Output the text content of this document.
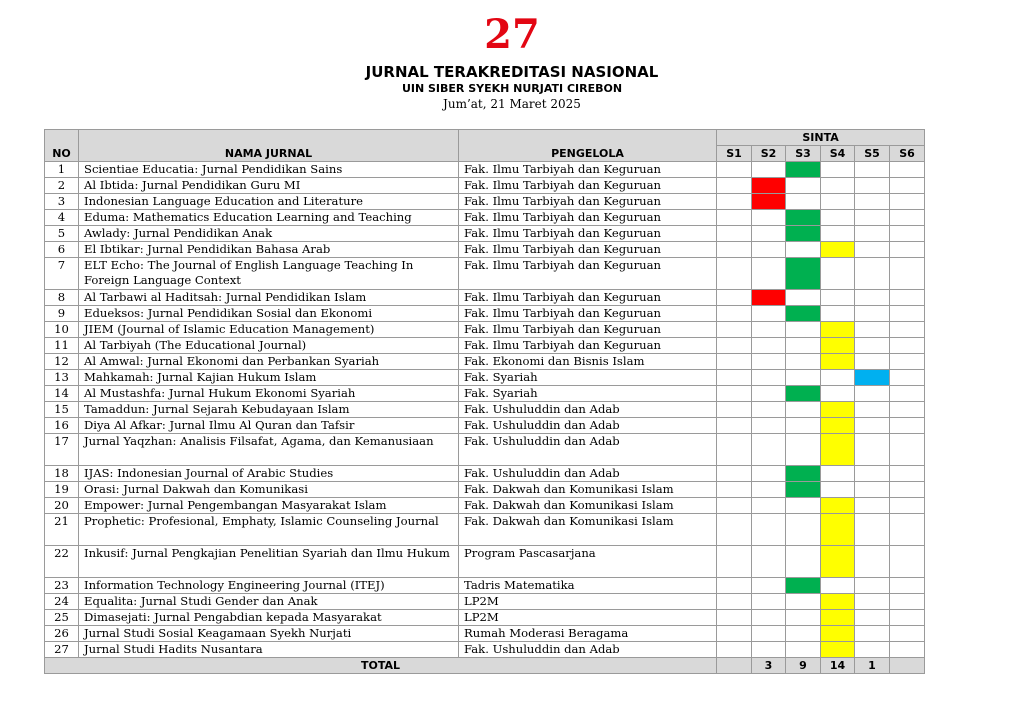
27
JURNAL TERAKREDITASI NASIONAL
UIN SIBER SYEKH NURJATI CIREBON
Jum’at, 21 Maret 2025
NO	NAMA JURNAL	PENGELOLA	SINTA					
			S1	S2	S3	S4	S5	S6
1	Scientiae Educatia: Jurnal Pendidikan Sains	Fak. Ilmu Tarbiyah dan Keguruan						
2	Al Ibtida: Jurnal Pendidikan Guru MI	Fak. Ilmu Tarbiyah dan Keguruan						
3	Indonesian Language Education and Literature	Fak. Ilmu Tarbiyah dan Keguruan						
4	Eduma: Mathematics Education Learning and Teaching	Fak. Ilmu Tarbiyah dan Keguruan						
5	Awlady: Jurnal Pendidikan Anak	Fak. Ilmu Tarbiyah dan Keguruan						
6	El Ibtikar: Jurnal Pendidikan Bahasa Arab	Fak. Ilmu Tarbiyah dan Keguruan						
7	ELT Echo: The Journal of English Language Teaching In Foreign Language Context	Fak. Ilmu Tarbiyah dan Keguruan						
8	Al Tarbawi al Haditsah: Jurnal Pendidikan Islam	Fak. Ilmu Tarbiyah dan Keguruan						
9	Edueksos: Jurnal Pendidikan Sosial dan Ekonomi	Fak. Ilmu Tarbiyah dan Keguruan						
10	JIEM (Journal of Islamic Education Management)	Fak. Ilmu Tarbiyah dan Keguruan						
11	Al Tarbiyah (The Educational Journal)	Fak. Ilmu Tarbiyah dan Keguruan						
12	Al Amwal: Jurnal Ekonomi dan Perbankan Syariah	Fak. Ekonomi dan Bisnis Islam						
13	Mahkamah: Jurnal Kajian Hukum Islam	Fak. Syariah						
14	Al Mustashfa: Jurnal Hukum Ekonomi Syariah	Fak. Syariah						
15	Tamaddun: Jurnal Sejarah Kebudayaan Islam	Fak. Ushuluddin dan Adab						
16	Diya Al Afkar: Jurnal Ilmu Al Quran dan Tafsir	Fak. Ushuluddin dan Adab						
17	Jurnal Yaqzhan: Analisis Filsafat, Agama, dan Kemanusiaan	Fak. Ushuluddin dan Adab						
18	IJAS: Indonesian Journal of Arabic Studies	Fak. Ushuluddin dan Adab						
19	Orasi: Jurnal Dakwah dan Komunikasi	Fak. Dakwah dan Komunikasi Islam						
20	Empower: Jurnal Pengembangan Masyarakat Islam	Fak. Dakwah dan Komunikasi Islam						
21	Prophetic: Profesional, Emphaty, Islamic Counseling Journal	Fak. Dakwah dan Komunikasi Islam						
22	Inkusif: Jurnal Pengkajian Penelitian Syariah dan Ilmu Hukum	Program Pascasarjana						
23	Information Technology Engineering Journal (ITEJ)	Tadris Matematika						
24	Equalita: Jurnal Studi Gender dan Anak	LP2M						
25	Dimasejati: Jurnal Pengabdian kepada Masyarakat	LP2M						
26	Jurnal Studi Sosial Keagamaan Syekh Nurjati	Rumah Moderasi Beragama						
27	Jurnal Studi Hadits Nusantara	Fak. Ushuluddin dan Adab						
TOTAL				3	9	14	1	
